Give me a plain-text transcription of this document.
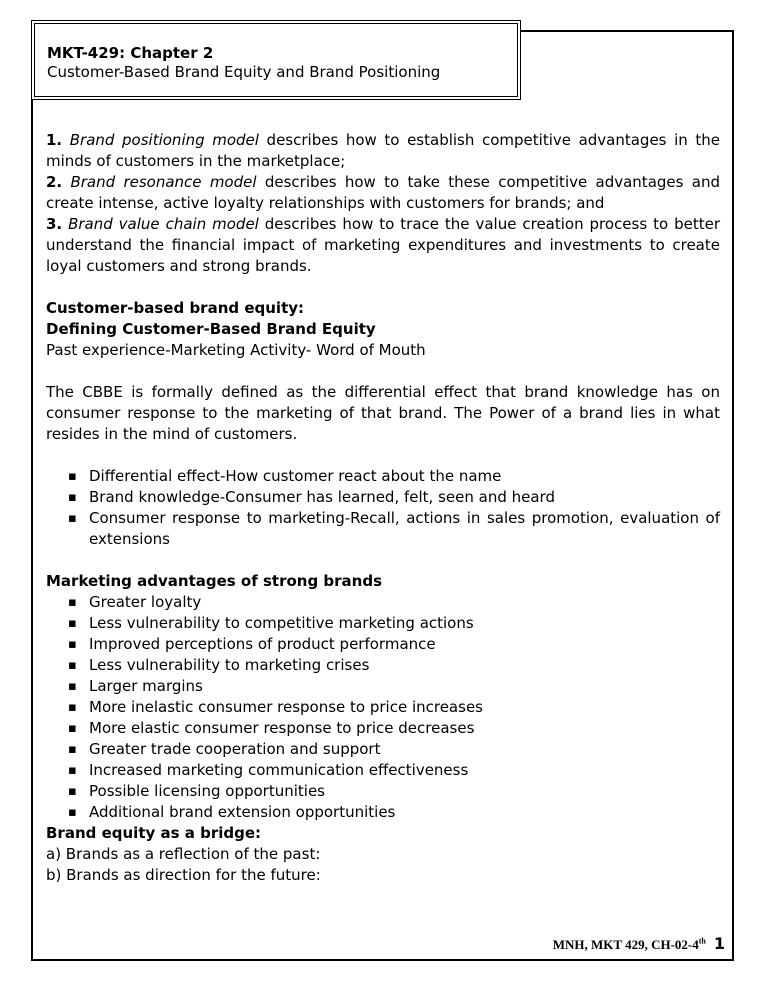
MKT-429: Chapter 2
Customer-Based Brand Equity and Brand Positioning

1. Brand positioning model describes how to establish competitive advantages in the minds of customers in the marketplace;

2. Brand resonance model describes how to take these competitive advantages and create intense, active loyalty relationships with customers for brands; and

3. Brand value chain model describes how to trace the value creation process to better understand the financial impact of marketing expenditures and investments to create loyal customers and strong brands.

Customer-based brand equity:

Defining Customer-Based Brand Equity

Past experience-Marketing Activity- Word of Mouth

The CBBE is formally defined as the differential effect that brand knowledge has on consumer response to the marketing of that brand. The Power of a brand lies in what resides in the mind of customers.

▪ Differential effect-How customer react about the name
▪ Brand knowledge-Consumer has learned, felt, seen and heard
▪ Consumer response to marketing-Recall, actions in sales promotion, evaluation of extensions

Marketing advantages of strong brands

▪ Greater loyalty
▪ Less vulnerability to competitive marketing actions
▪ Improved perceptions of product performance
▪ Less vulnerability to marketing crises
▪ Larger margins
▪ More inelastic consumer response to price increases
▪ More elastic consumer response to price decreases
▪ Greater trade cooperation and support
▪ Increased marketing communication effectiveness
▪ Possible licensing opportunities
▪ Additional brand extension opportunities

Brand equity as a bridge:

a) Brands as a reflection of the past:

b) Brands as direction for the future:

MNH, MKT 429, CH-02-4th 1
